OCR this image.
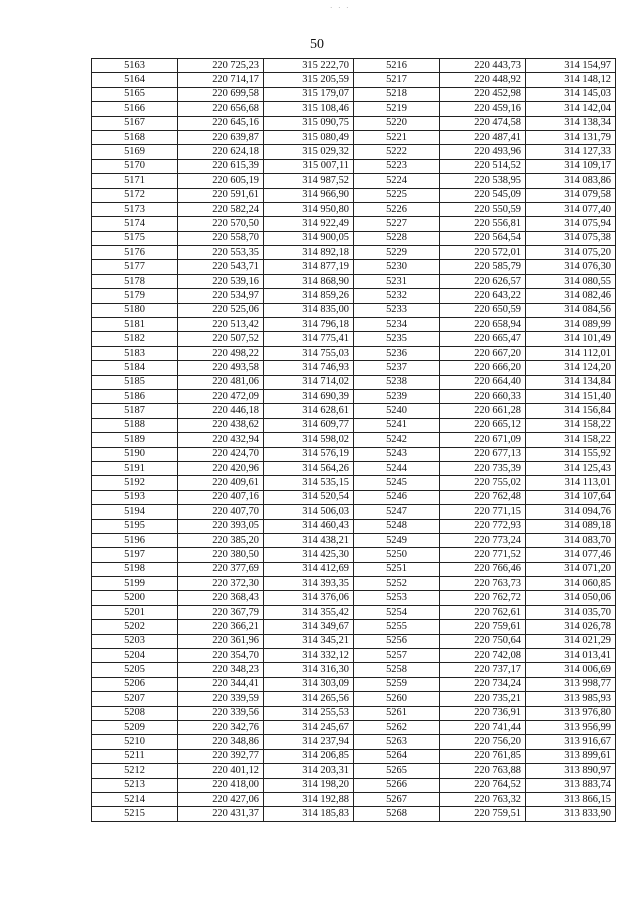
· · ·
50
5163	220 725,23	315 222,70	5216	220 443,73	314 154,97
5164	220 714,17	315 205,59	5217	220 448,92	314 148,12
5165	220 699,58	315 179,07	5218	220 452,98	314 145,03
5166	220 656,68	315 108,46	5219	220 459,16	314 142,04
5167	220 645,16	315 090,75	5220	220 474,58	314 138,34
5168	220 639,87	315 080,49	5221	220 487,41	314 131,79
5169	220 624,18	315 029,32	5222	220 493,96	314 127,33
5170	220 615,39	315 007,11	5223	220 514,52	314 109,17
5171	220 605,19	314 987,52	5224	220 538,95	314 083,86
5172	220 591,61	314 966,90	5225	220 545,09	314 079,58
5173	220 582,24	314 950,80	5226	220 550,59	314 077,40
5174	220 570,50	314 922,49	5227	220 556,81	314 075,94
5175	220 558,70	314 900,05	5228	220 564,54	314 075,38
5176	220 553,35	314 892,18	5229	220 572,01	314 075,20
5177	220 543,71	314 877,19	5230	220 585,79	314 076,30
5178	220 539,16	314 868,90	5231	220 626,57	314 080,55
5179	220 534,97	314 859,26	5232	220 643,22	314 082,46
5180	220 525,06	314 835,00	5233	220 650,59	314 084,56
5181	220 513,42	314 796,18	5234	220 658,94	314 089,99
5182	220 507,52	314 775,41	5235	220 665,47	314 101,49
5183	220 498,22	314 755,03	5236	220 667,20	314 112,01
5184	220 493,58	314 746,93	5237	220 666,20	314 124,20
5185	220 481,06	314 714,02	5238	220 664,40	314 134,84
5186	220 472,09	314 690,39	5239	220 660,33	314 151,40
5187	220 446,18	314 628,61	5240	220 661,28	314 156,84
5188	220 438,62	314 609,77	5241	220 665,12	314 158,22
5189	220 432,94	314 598,02	5242	220 671,09	314 158,22
5190	220 424,70	314 576,19	5243	220 677,13	314 155,92
5191	220 420,96	314 564,26	5244	220 735,39	314 125,43
5192	220 409,61	314 535,15	5245	220 755,02	314 113,01
5193	220 407,16	314 520,54	5246	220 762,48	314 107,64
5194	220 407,70	314 506,03	5247	220 771,15	314 094,76
5195	220 393,05	314 460,43	5248	220 772,93	314 089,18
5196	220 385,20	314 438,21	5249	220 773,24	314 083,70
5197	220 380,50	314 425,30	5250	220 771,52	314 077,46
5198	220 377,69	314 412,69	5251	220 766,46	314 071,20
5199	220 372,30	314 393,35	5252	220 763,73	314 060,85
5200	220 368,43	314 376,06	5253	220 762,72	314 050,06
5201	220 367,79	314 355,42	5254	220 762,61	314 035,70
5202	220 366,21	314 349,67	5255	220 759,61	314 026,78
5203	220 361,96	314 345,21	5256	220 750,64	314 021,29
5204	220 354,70	314 332,12	5257	220 742,08	314 013,41
5205	220 348,23	314 316,30	5258	220 737,17	314 006,69
5206	220 344,41	314 303,09	5259	220 734,24	313 998,77
5207	220 339,59	314 265,56	5260	220 735,21	313 985,93
5208	220 339,56	314 255,53	5261	220 736,91	313 976,80
5209	220 342,76	314 245,67	5262	220 741,44	313 956,99
5210	220 348,86	314 237,94	5263	220 756,20	313 916,67
5211	220 392,77	314 206,85	5264	220 761,85	313 899,61
5212	220 401,12	314 203,31	5265	220 763,88	313 890,97
5213	220 418,00	314 198,20	5266	220 764,52	313 883,74
5214	220 427,06	314 192,88	5267	220 763,32	313 866,15
5215	220 431,37	314 185,83	5268	220 759,51	313 833,90
